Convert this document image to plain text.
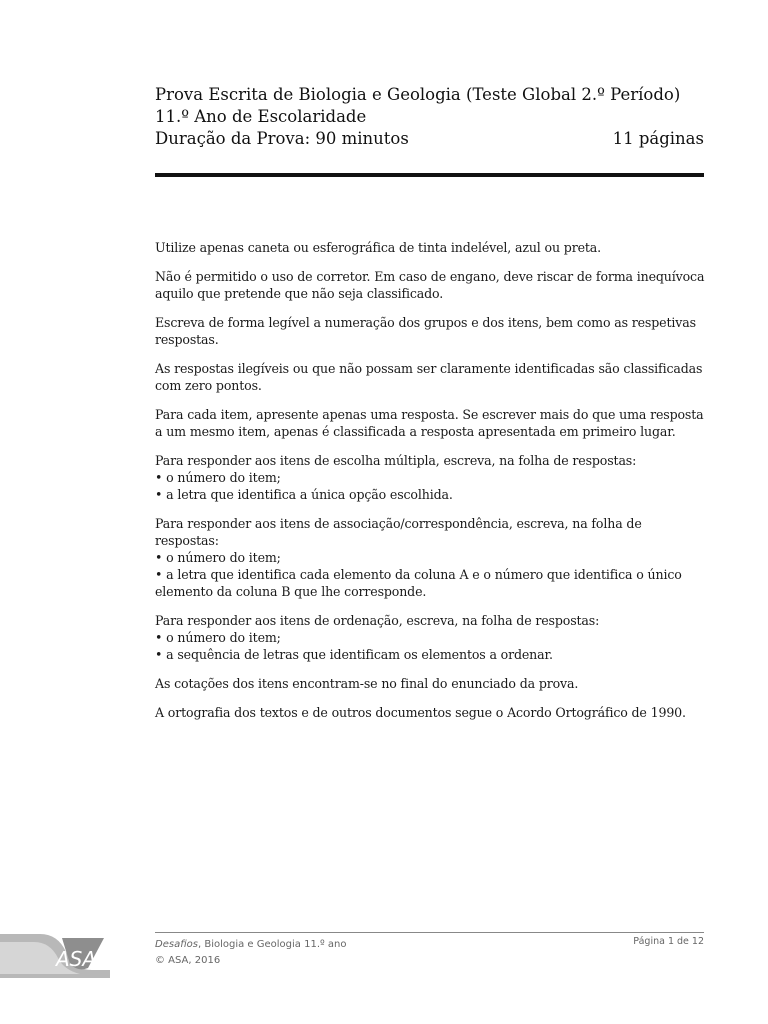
Prova Escrita de Biologia e Geologia (Teste Global 2.º Período)
11.º Ano de Escolaridade
Duração da Prova: 90 minutos	11 páginas

Utilize apenas caneta ou esferográfica de tinta indelével, azul ou preta.

Não é permitido o uso de corretor. Em caso de engano, deve riscar de forma inequívoca
aquilo que pretende que não seja classificado.

Escreva de forma legível a numeração dos grupos e dos itens, bem como as respetivas
respostas.

As respostas ilegíveis ou que não possam ser claramente identificadas são classificadas
com zero pontos.

Para cada item, apresente apenas uma resposta. Se escrever mais do que uma resposta
a um mesmo item, apenas é classificada a resposta apresentada em primeiro lugar.

Para responder aos itens de escolha múltipla, escreva, na folha de respostas:
• o número do item;
• a letra que identifica a única opção escolhida.

Para responder aos itens de associação/correspondência, escreva, na folha de
respostas:
• o número do item;
• a letra que identifica cada elemento da coluna A e o número que identifica o único
elemento da coluna B que lhe corresponde.

Para responder aos itens de ordenação, escreva, na folha de respostas:
• o número do item;
• a sequência de letras que identificam os elementos a ordenar.

As cotações dos itens encontram-se no final do enunciado da prova.

A ortografia dos textos e de outros documentos segue o Acordo Ortográfico de 1990.

ASA
Desafios, Biologia e Geologia 11.º ano
© ASA, 2016
Página 1 de 12
